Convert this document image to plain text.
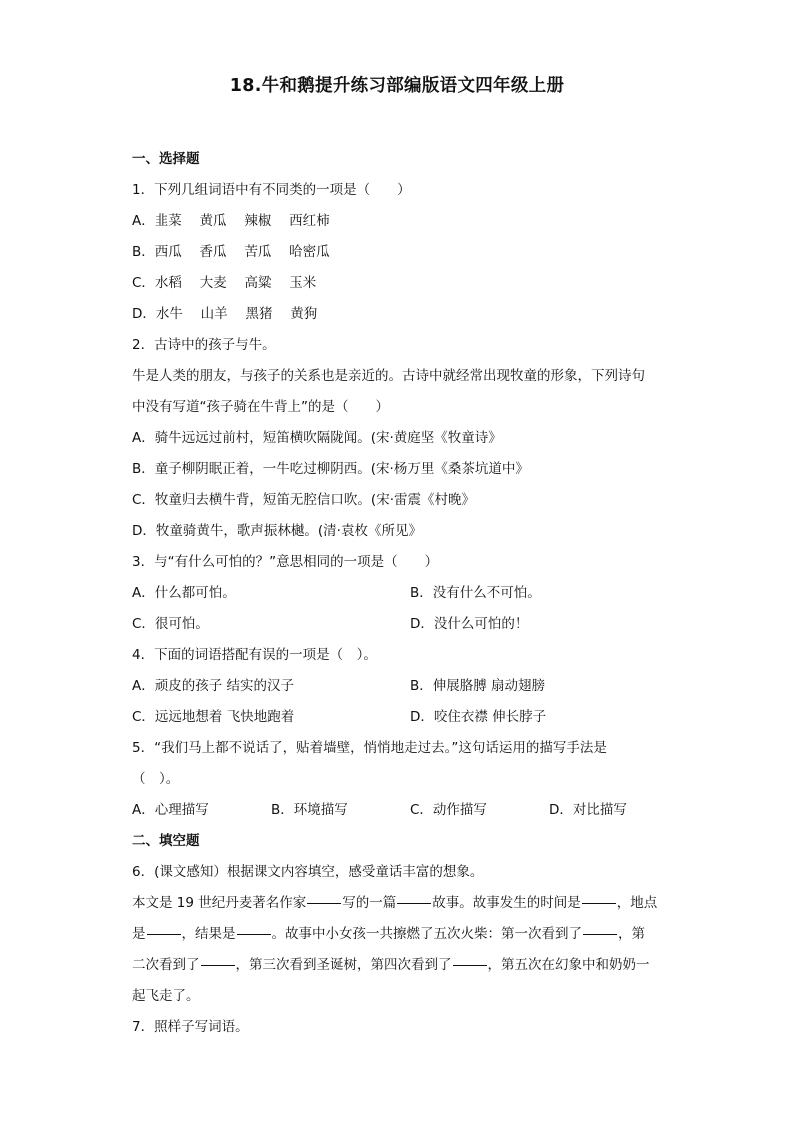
18.牛和鹅提升练习部编版语文四年级上册
一、选择题
1．下列几组词语中有不同类的一项是（　　）
A．韭菜　 黄瓜　 辣椒　 西红柿
B．西瓜　 香瓜　 苦瓜　 哈密瓜
C．水稻　 大麦　 高粱　 玉米
D．水牛　 山羊　 黑猪　 黄狗
2．古诗中的孩子与牛。
牛是人类的朋友，与孩子的关系也是亲近的。古诗中就经常出现牧童的形象，下列诗句
中没有写道“孩子骑在牛背上”的是（　　）
A．骑牛远远过前村，短笛横吹隔陇闻。(宋·黄庭坚《牧童诗》
B．童子柳阴眠正着，一牛吃过柳阴西。(宋·杨万里《桑茶坑道中》
C．牧童归去横牛背，短笛无腔信口吹。(宋·雷震《村晚》
D．牧童骑黄牛，歌声振林樾。(清·袁枚《所见》
3．与“有什么可怕的？”意思相同的一项是（　　）
A．什么都可怕。	B．没有什么不可怕。
C．很可怕。	D．没什么可怕的！
4．下面的词语搭配有误的一项是（　）。
A．顽皮的孩子 结实的汉子	B．伸展胳膊 扇动翅膀
C．远远地想着 飞快地跑着	D．咬住衣襟 伸长脖子
5．“我们马上都不说话了，贴着墙壁，悄悄地走过去。”这句话运用的描写手法是
（　）。
A．心理描写	B．环境描写	C．动作描写	D．对比描写
二、填空题
6．(课文感知）根据课文内容填空，感受童话丰富的想象。
本文是 19 世纪丹麦著名作家	写的一篇	故事。故事发生的时间是	，地点
是	，结果是	。故事中小女孩一共擦燃了五次火柴：第一次看到了	，第
二次看到了	，第三次看到圣诞树，第四次看到了	，第五次在幻象中和奶奶一
起飞走了。
7．照样子写词语。
